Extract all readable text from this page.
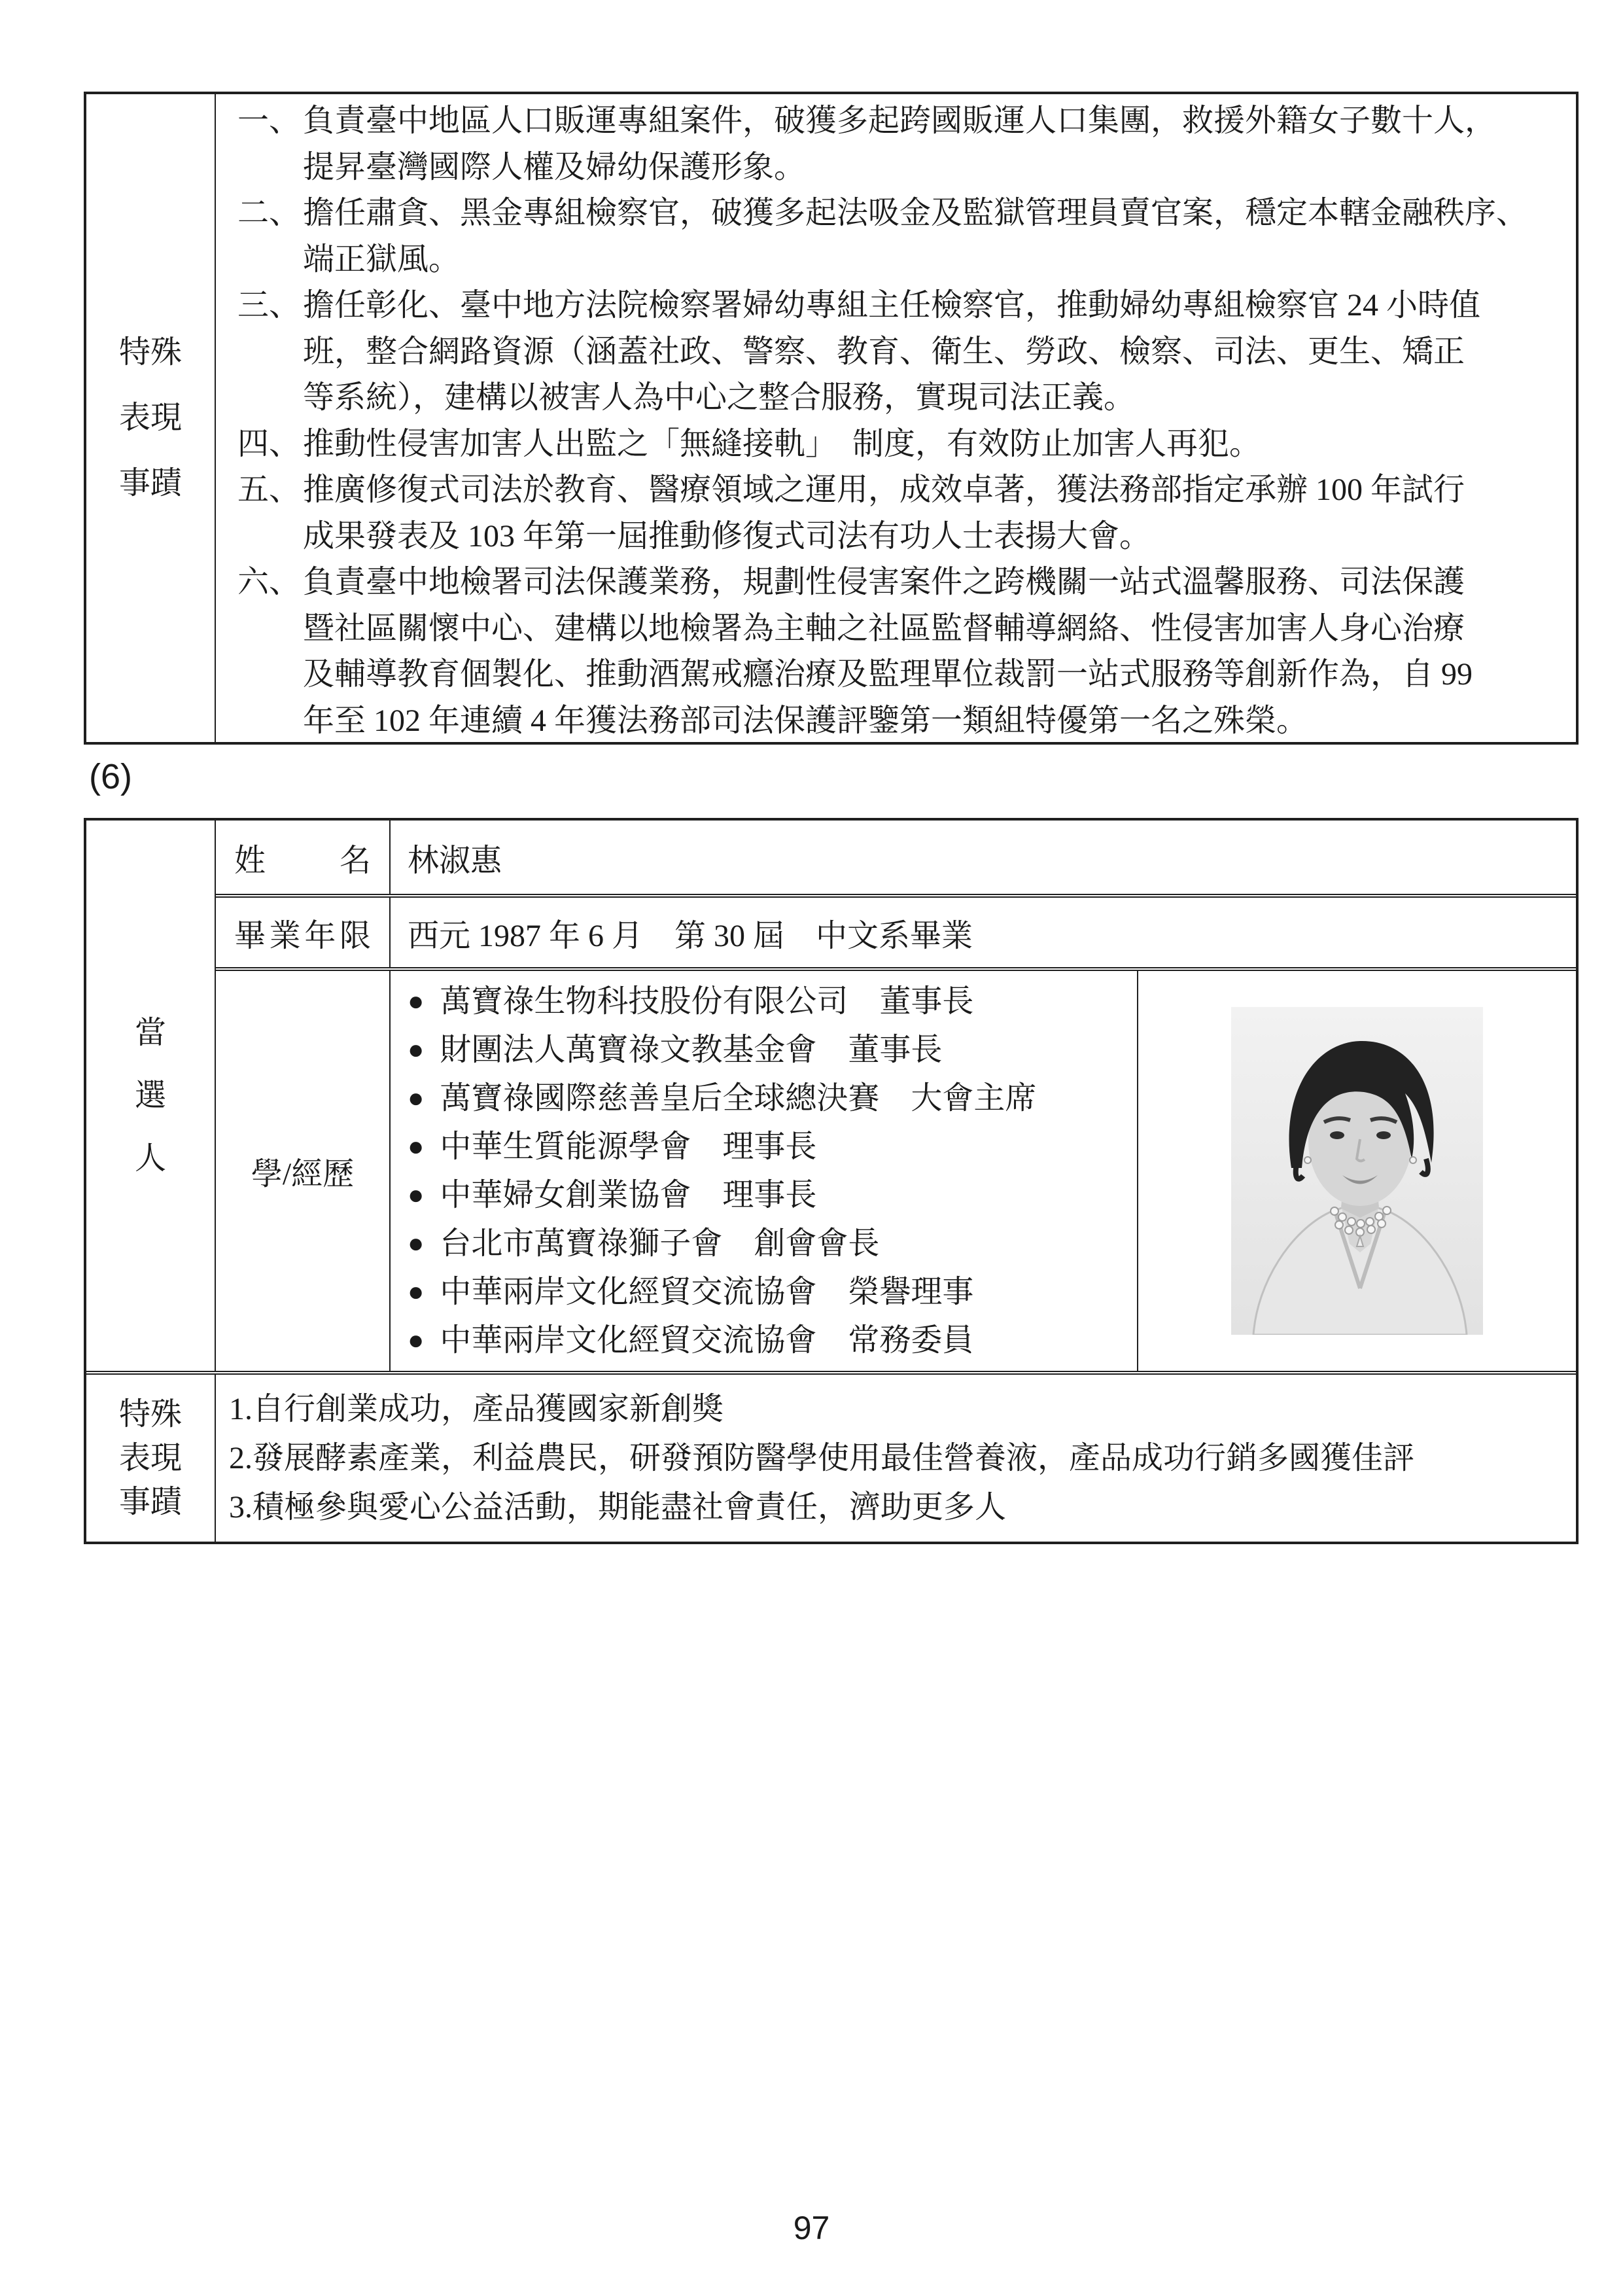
特殊
表現
事蹟
一、負責臺中地區人口販運專組案件，破獲多起跨國販運人口集團，救援外籍女子數十人，
提昇臺灣國際人權及婦幼保護形象。
二、擔任肅貪、黑金專組檢察官，破獲多起法吸金及監獄管理員賣官案，穩定本轄金融秩序、
端正獄風。
三、擔任彰化、臺中地方法院檢察署婦幼專組主任檢察官，推動婦幼專組檢察官 24 小時值
班，整合網路資源（涵蓋社政、警察、教育、衛生、勞政、檢察、司法、更生、矯正
等系統），建構以被害人為中心之整合服務，實現司法正義。
四、推動性侵害加害人出監之「無縫接軌」　制度，有效防止加害人再犯。
五、推廣修復式司法於教育、醫療領域之運用，成效卓著，獲法務部指定承辦 100 年試行
成果發表及 103 年第一屆推動修復式司法有功人士表揚大會。
六、負責臺中地檢署司法保護業務，規劃性侵害案件之跨機關一站式溫馨服務、司法保護
暨社區關懷中心、建構以地檢署為主軸之社區監督輔導網絡、性侵害加害人身心治療
及輔導教育個製化、推動酒駕戒癮治療及監理單位裁罰一站式服務等創新作為，自 99
年至 102 年連續 4 年獲法務部司法保護評鑒第一類組特優第一名之殊榮。
(6)
當
選
人
姓名	林淑惠
畢業年限	西元 1987 年 6 月　第 30 屆　中文系畢業
學/經歷
● 萬寶祿生物科技股份有限公司　董事長
● 財團法人萬寶祿文教基金會　董事長
● 萬寶祿國際慈善皇后全球總決賽　大會主席
● 中華生質能源學會　理事長
● 中華婦女創業協會　理事長
● 台北市萬寶祿獅子會　創會會長
● 中華兩岸文化經貿交流協會　榮譽理事
● 中華兩岸文化經貿交流協會　常務委員
特殊
表現
事蹟
1.自行創業成功，產品獲國家新創獎
2.發展酵素產業，利益農民，研發預防醫學使用最佳營養液，產品成功行銷多國獲佳評
3.積極參與愛心公益活動，期能盡社會責任，濟助更多人
97
